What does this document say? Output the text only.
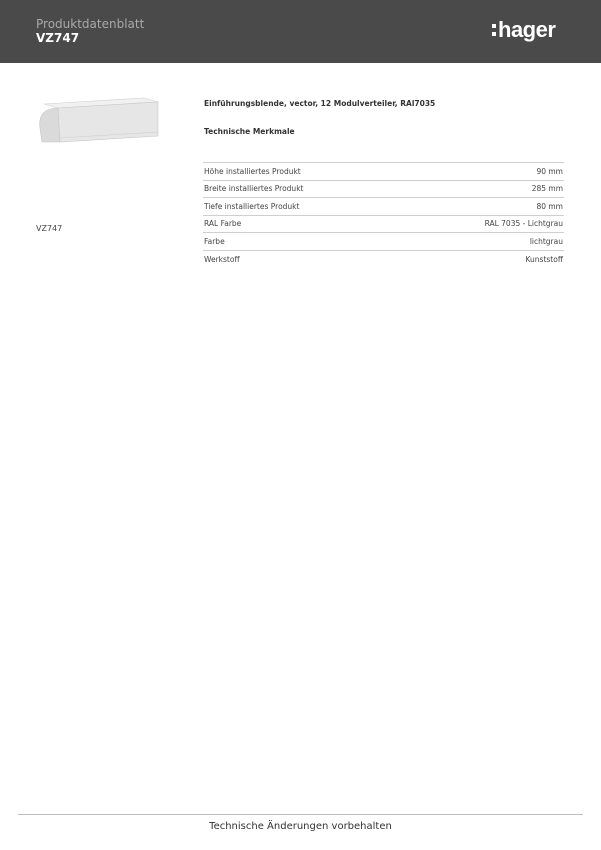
Produktdatenblatt
VZ747	hager
VZ747
Einführungsblende, vector, 12 Modulverteiler, RAl7035
Technische Merkmale
Höhe installiertes Produkt	90 mm
Breite installiertes Produkt	285 mm
Tiefe installiertes Produkt	80 mm
RAL Farbe	RAL 7035 - Lichtgrau
Farbe	lichtgrau
Werkstoff	Kunststoff
Technische Änderungen vorbehalten
